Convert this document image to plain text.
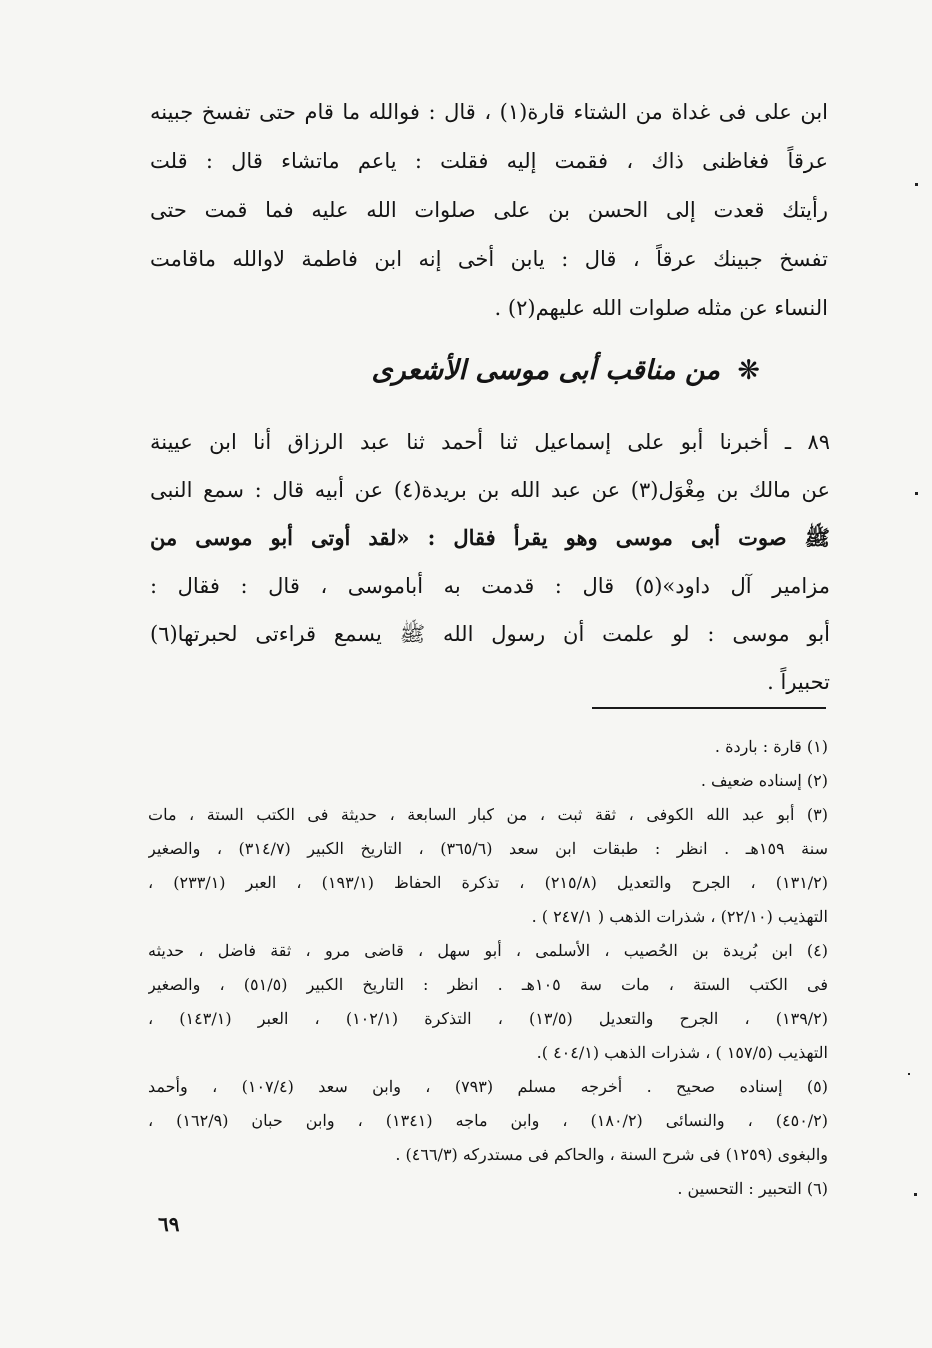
ابن على فى غداة من الشتاء قارة(١) ، قال : فوالله ما قام حتى تفسخ جبينه
عرقاً فغاظنى ذاك ، فقمت إليه فقلت : ياعم ماتشاء قال : قلت
رأيتك قعدت إلى الحسن بن على صلوات الله عليه فما قمت حتى
تفسخ جبينك عرقاً ، قال : يابن أخى إنه ابن فاطمة لاوالله ماقامت
النساء عن مثله صلوات الله عليهم(٢) .
❋ من مناقب أبى موسى الأشعرى
٨٩ ـ أخبرنا أبو على إسماعيل ثنا أحمد ثنا عبد الرزاق أنا ابن عيينة
عن مالك بن مِغْوَل(٣) عن عبد الله بن بريدة(٤) عن أبيه قال : سمع النبى
ﷺ صوت أبى موسى وهو يقرأ فقال : «لقد أوتى أبو موسى من
مزامير آل داود»(٥) قال : قدمت به أباموسى ، قال : فقال :
أبو موسى : لو علمت أن رسول الله ﷺ يسمع قراءتى لحبرتها(٦)
تحبيراً .
(١) قارة : باردة .
(٢) إسناده ضعيف .
(٣) أبو عبد الله الكوفى ، ثقة ثبت ، من كبار السابعة ، حديثة فى الكتب الستة ، مات
سنة ١٥٩هـ . انظر : طبقات ابن سعد (٣٦٥/٦) ، التاريخ الكبير (٣١٤/٧) ، والصغير
(١٣١/٢) ، الجرح والتعديل (٢١٥/٨) ، تذكرة الحفاظ (١٩٣/١) ، العبر (٢٣٣/١) ،
التهذيب (٢٢/١٠) ، شذرات الذهب ( ٢٤٧/١ ) .
(٤) ابن بُريدة بن الحُصيب ، الأسلمى ، أبو سهل ، قاضى مرو ، ثقة فاضل ، حديثه
فى الكتب الستة ، مات سة ١٠٥هـ . انظر : التاريخ الكبير (٥١/٥) ، والصغير
(١٣٩/٢) ، الجرح والتعديل (١٣/٥) ، التذكرة (١٠٢/١) ، العبر (١٤٣/١) ،
التهذيب (١٥٧/٥ ) ، شذرات الذهب (٤٠٤/١ ).
(٥) إسناده صحيح . أخرجه مسلم (٧٩٣) ، وابن سعد (١٠٧/٤) ، وأحمد
(٤٥٠/٢) ، والنسائى (١٨٠/٢) ، وابن ماجه (١٣٤١) ، وابن حبان (١٦٢/٩) ،
والبغوى (١٢٥٩) فى شرح السنة ، والحاكم فى مستدركه (٤٦٦/٣) .
(٦) التحبير : التحسين .
٦٩
